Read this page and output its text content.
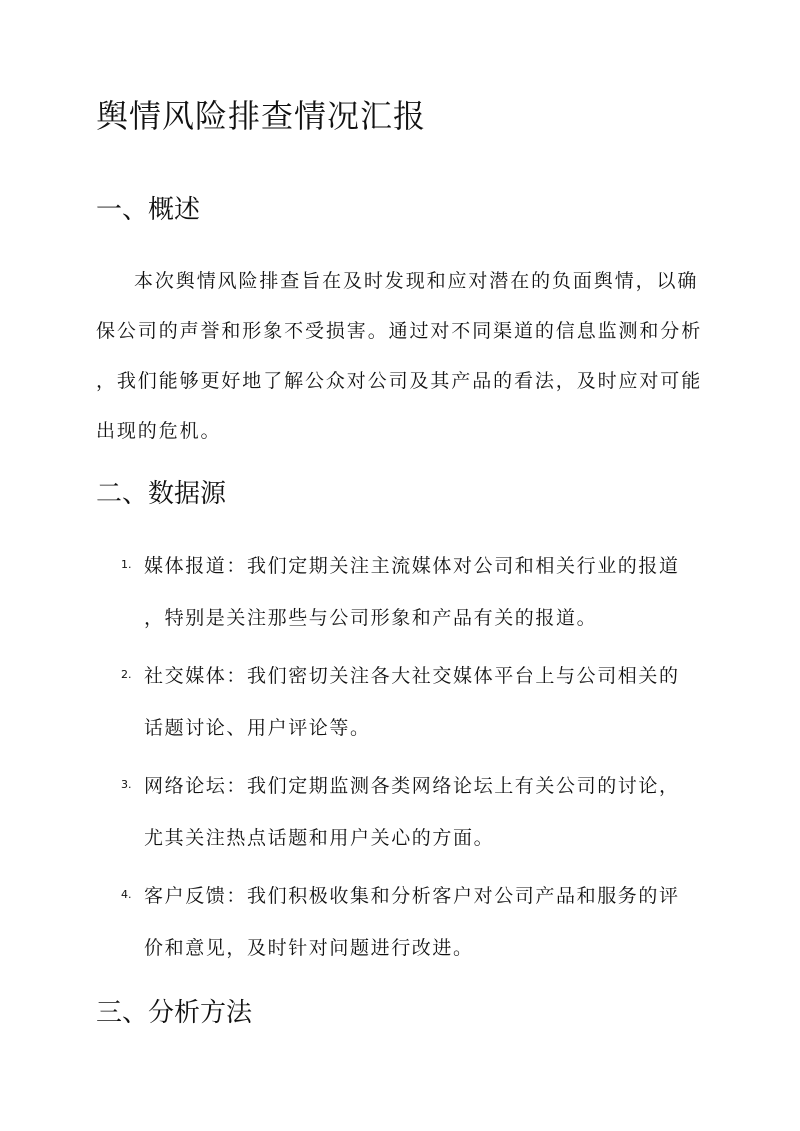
舆情风险排查情况汇报
一、概述
本次舆情风险排查旨在及时发现和应对潜在的负面舆情，以确
保公司的声誉和形象不受损害。通过对不同渠道的信息监测和分析
，我们能够更好地了解公众对公司及其产品的看法，及时应对可能
出现的危机。
二、数据源
1. 媒体报道：我们定期关注主流媒体对公司和相关行业的报道
，特别是关注那些与公司形象和产品有关的报道。
2. 社交媒体：我们密切关注各大社交媒体平台上与公司相关的
话题讨论、用户评论等。
3. 网络论坛：我们定期监测各类网络论坛上有关公司的讨论，
尤其关注热点话题和用户关心的方面。
4. 客户反馈：我们积极收集和分析客户对公司产品和服务的评
价和意见，及时针对问题进行改进。
三、分析方法
